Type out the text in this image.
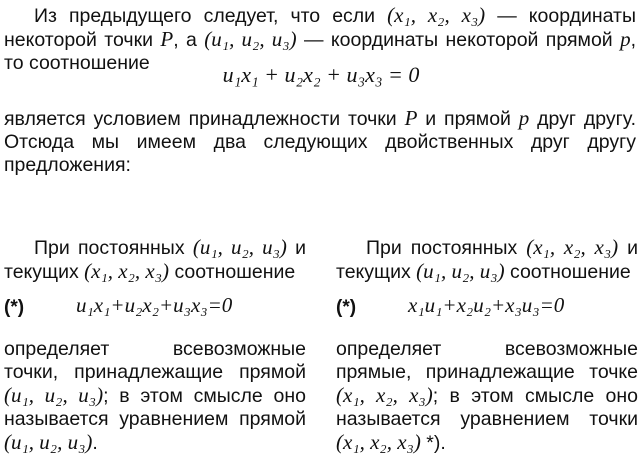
Из предыдущего следует, что если (x₁, x₂, x₃) — координаты некоторой точки P, а (u₁, u₂, u₃) — координаты некоторой прямой p, то соотношение	u₁x₁ + u₂x₂ + u₃x₃ = 0

является условием принадлежности точки P и прямой p друг другу. Отсюда мы имеем два следующих двойственных друг другу предложения:

При постоянных (u₁, u₂, u₃) и текущих (x₁, x₂, x₃) соотношение

(*) u₁x₁+u₂x₂+u₃x₃=0

определяет всевозможные точки, принадлежащие прямой (u₁, u₂, u₃); в этом смысле оно называется уравнением прямой (u₁, u₂, u₃).

При постоянных (x₁, x₂, x₃) и текущих (u₁, u₂, u₃) соотношение

(*) x₁u₁+x₂u₂+x₃u₃=0

определяет всевозможные прямые, принадлежащие точке (x₁, x₂, x₃); в этом смысле оно называется уравнением точки (x₁, x₂, x₃) *).
